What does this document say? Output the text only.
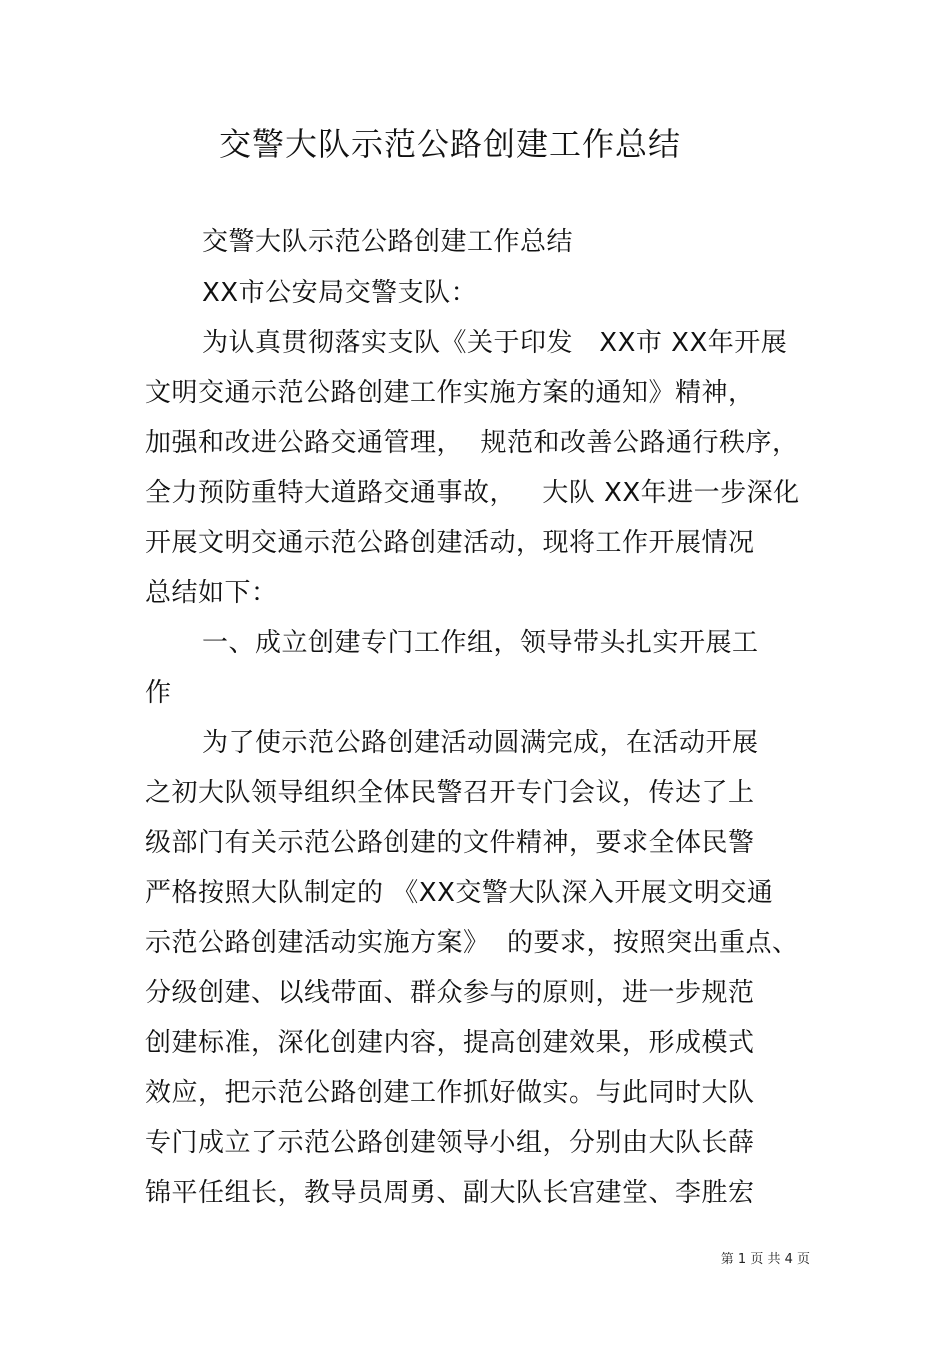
交警大队示范公路创建工作总结
交警大队示范公路创建工作总结
XX市公安局交警支队：
为认真贯彻落实支队《关于印发   XX市 XX年开展
文明交通示范公路创建工作实施方案的通知》精神，
加强和改进公路交通管理，  规范和改善公路通行秩序，
全力预防重特大道路交通事故，   大队 XX年进一步深化
开展文明交通示范公路创建活动，现将工作开展情况
总结如下：
一、成立创建专门工作组，领导带头扎实开展工
作
为了使示范公路创建活动圆满完成，在活动开展
之初大队领导组织全体民警召开专门会议，传达了上
级部门有关示范公路创建的文件精神，要求全体民警
严格按照大队制定的 《XX交警大队深入开展文明交通
示范公路创建活动实施方案》  的要求，按照突出重点、
分级创建、以线带面、群众参与的原则，进一步规范
创建标准，深化创建内容，提高创建效果，形成模式
效应，把示范公路创建工作抓好做实。与此同时大队
专门成立了示范公路创建领导小组，分别由大队长薛
锦平任组长，教导员周勇、副大队长宫建堂、李胜宏
第 1 页 共 4 页
